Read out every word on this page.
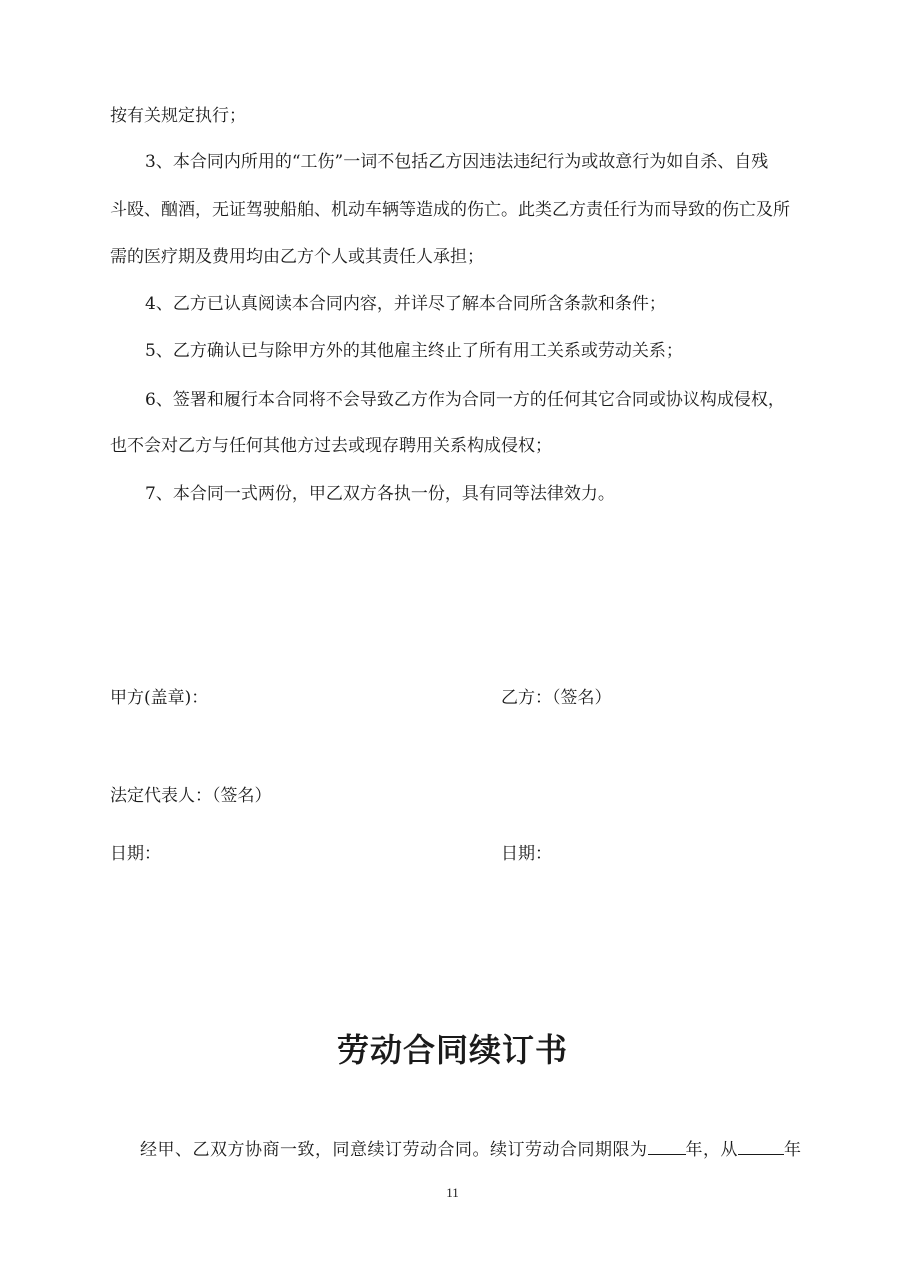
按有关规定执行；
3、本合同内所用的“工伤”一词不包括乙方因违法违纪行为或故意行为如自杀、自残
斗殴、酗酒，无证驾驶船舶、机动车辆等造成的伤亡。此类乙方责任行为而导致的伤亡及所
需的医疗期及费用均由乙方个人或其责任人承担；
4、乙方已认真阅读本合同内容，并详尽了解本合同所含条款和条件；
5、乙方确认已与除甲方外的其他雇主终止了所有用工关系或劳动关系；
6、签署和履行本合同将不会导致乙方作为合同一方的任何其它合同或协议构成侵权，
也不会对乙方与任何其他方过去或现存聘用关系构成侵权；
7、本合同一式两份，甲乙双方各执一份，具有同等法律效力。
甲方(盖章)：	乙方：（签名）
法定代表人：（签名）
日期：	日期：
劳动合同续订书
经甲、乙双方协商一致，同意续订劳动合同。续订劳动合同期限为 年，从	年
11
